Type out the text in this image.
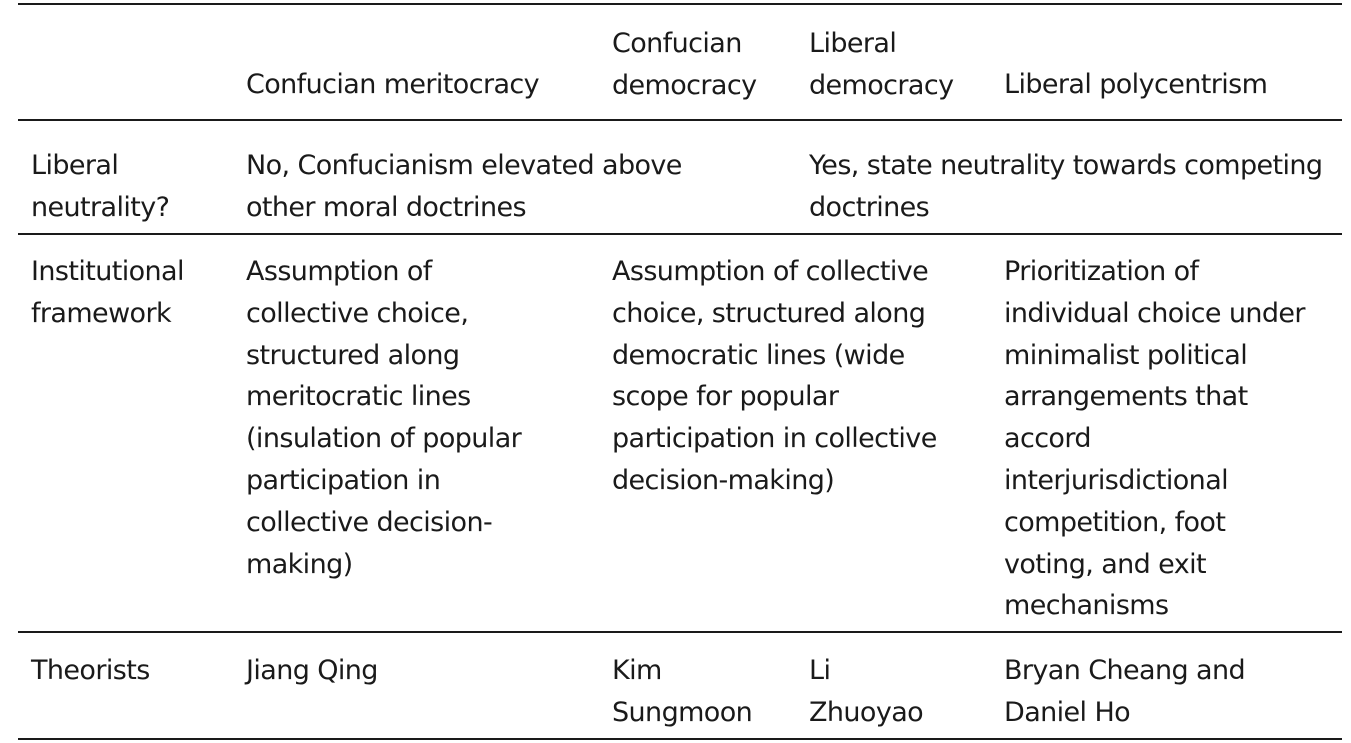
Confucian meritocracy
Confucian
democracy
Liberal
democracy Liberal polycentrism
Liberal
neutrality?
No, Confucianism elevated above
other moral doctrines
Yes, state neutrality towards competing
doctrines
Institutional
framework
Assumption of
collective choice,
structured along
meritocratic lines
(insulation of popular
participation in
collective decision-
making)
Assumption of collective
choice, structured along
democratic lines (wide
scope for popular
participation in collective
decision-making)
Prioritization of
individual choice under
minimalist political
arrangements that
accord
interjurisdictional
competition, foot
voting, and exit
mechanisms
Theorists	Jiang Qing	Kim
Sungmoon
Li
Zhuoyao
Bryan Cheang and
Daniel Ho
